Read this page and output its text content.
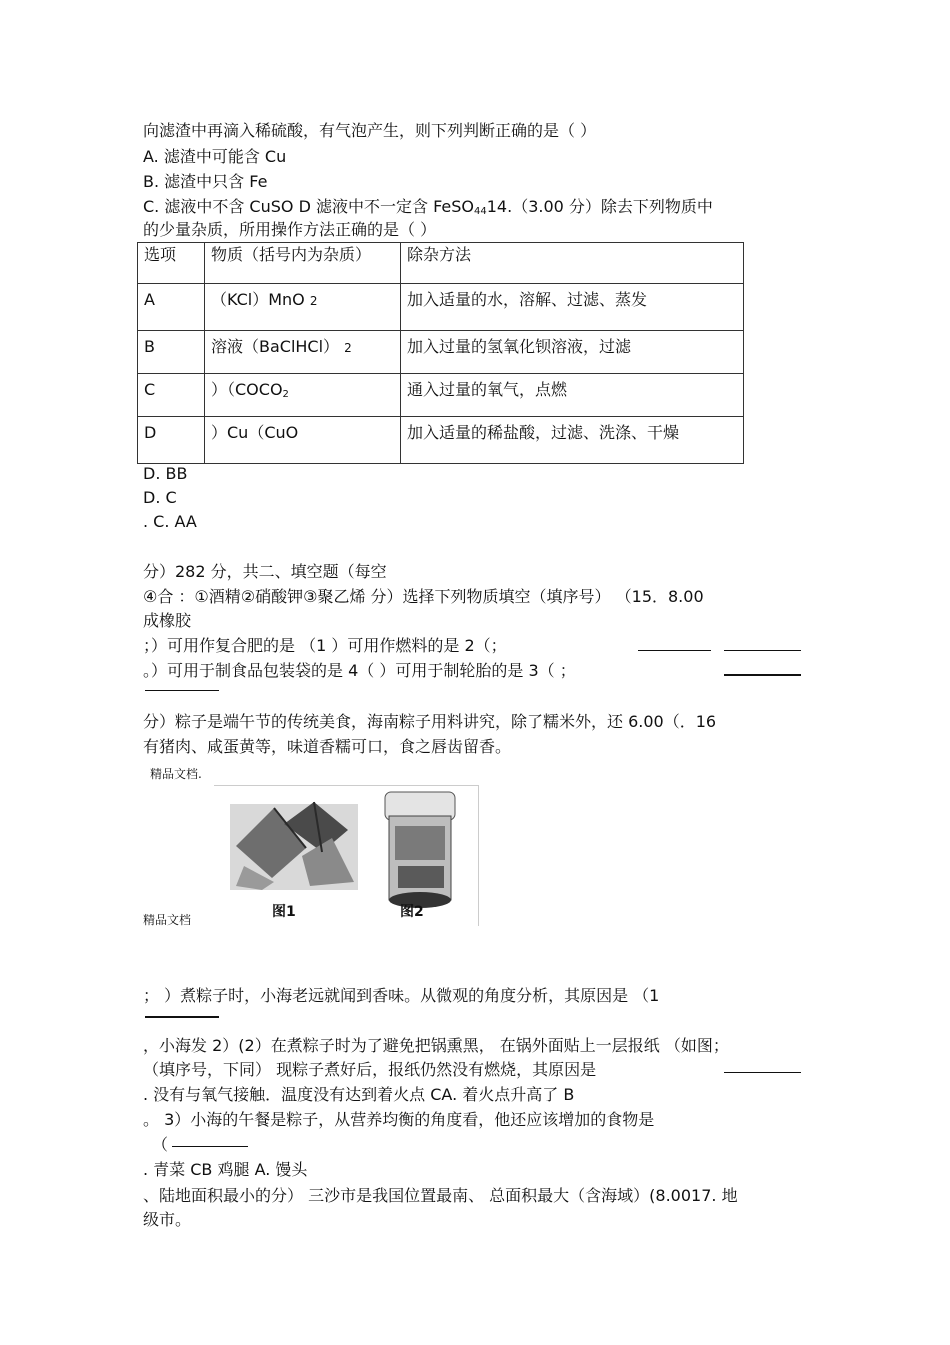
向滤渣中再滴入稀硫酸，有气泡产生，则下列判断正确的是（ ）
A. 滤渣中可能含 Cu
B. 滤渣中只含 Fe
C. 滤液中不含 CuSO D 滤液中不一定含 FeSO$_{44}$14.（3.00 分）除去下列物质中
的少量杂质，所用操作方法正确的是（ ）
选项	物质（括号内为杂质）	除杂方法
A	（KCl）MnO 2	加入适量的水，溶解、过滤、蒸发
B	溶液（BaClHCl） 2	加入过量的氢氧化钡溶液，过滤
C	）（$COCO_2$	通入过量的氧气，点燃
D	）Cu（CuO	加入适量的稀盐酸，过滤、洗涤、干燥
D. BB
D. C
. C. AA
分）282 分，共二、填空题（每空
④合 ：①酒精②硝酸钾③聚乙烯 分）选择下列物质填空（填序号） （15．8.00
成橡胶
；）可用作复合肥的是 （1 ）可用作燃料的是 2（；
。）可用于制食品包装袋的是 4（ ）可用于制轮胎的是 3（ ；
分）粽子是端午节的传统美食，海南粽子用料讲究，除了糯米外，还 6.00（．16
有猪肉、咸蛋黄等，味道香糯可口，食之唇齿留香。
精品文档.
图1	图2
精品文档
； ）煮粽子时，小海老远就闻到香味。从微观的角度分析，其原因是 （1
，小海发 2）(2）在煮粽子时为了避免把锅熏黑， 在锅外面贴上一层报纸 （如图；
（填序号，下同） 现粽子煮好后，报纸仍然没有燃烧，其原因是
. 没有与氧气接触．温度没有达到着火点 CA. 着火点升高了 B
。 3）小海的午餐是粽子，从营养均衡的角度看，他还应该增加的食物是
（
. 青菜 CB 鸡腿 A. 馒头
、陆地面积最小的分） 三沙市是我国位置最南、 总面积最大（含海域）(8.0017. 地
级市。
